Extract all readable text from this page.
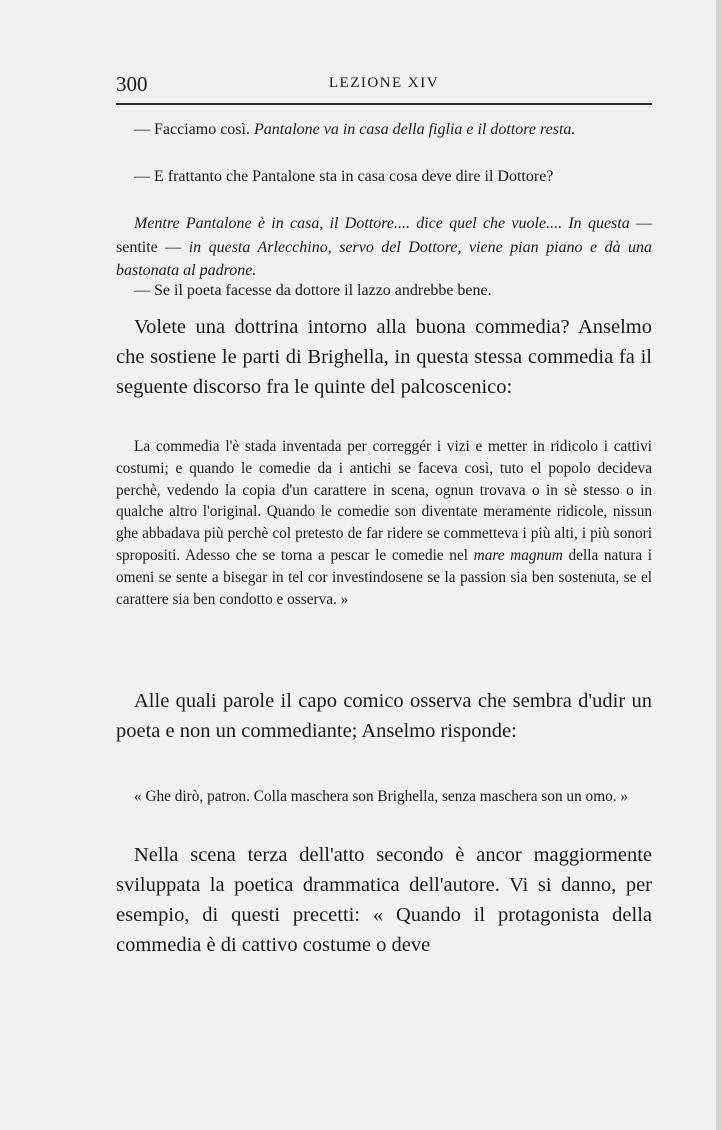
300	LEZIONE XIV

— Facciamo così. Pantalone va in casa della figlia e il dottore resta.

— E frattanto che Pantalone sta in casa cosa deve dire il Dottore?

Mentre Pantalone è in casa, il Dottore.... dice quel che vuole.... In questa — sentite — in questa Arlecchino, servo del Dottore, viene pian piano e dà una bastonata al padrone.

— Se il poeta facesse da dottore il lazzo andrebbe bene.

Volete una dottrina intorno alla buona commedia? Anselmo che sostiene le parti di Brighella, in questa stessa commedia fa il seguente discorso fra le quinte del palcoscenico:

La commedia l'è stada inventada per correggér i vizi e metter in ridicolo i cattivi costumi; e quando le comedie da i antichi se faceva così, tuto el popolo decideva perchè, vedendo la copia d'un carattere in scena, ognun trovava o in sè stesso o in qualche altro l'original. Quando le comedie son diventate meramente ridicole, nissun ghe abbadava più perchè col pretesto de far ridere se commetteva i più alti, i più sonori spropositi. Adesso che se torna a pescar le comedie nel mare magnum della natura i omeni se sente a bisegar in tel cor investindosene se la passion sia ben sostenuta, se el carattere sia ben condotto e osserva. »

Alle quali parole il capo comico osserva che sembra d'udir un poeta e non un commediante; Anselmo risponde:

« Ghe dirò, patron. Colla maschera son Brighella, senza maschera son un omo. »

Nella scena terza dell'atto secondo è ancor maggiormente sviluppata la poetica drammatica dell'autore. Vi si danno, per esempio, di questi precetti: « Quando il protagonista della commedia è di cattivo costume o deve
